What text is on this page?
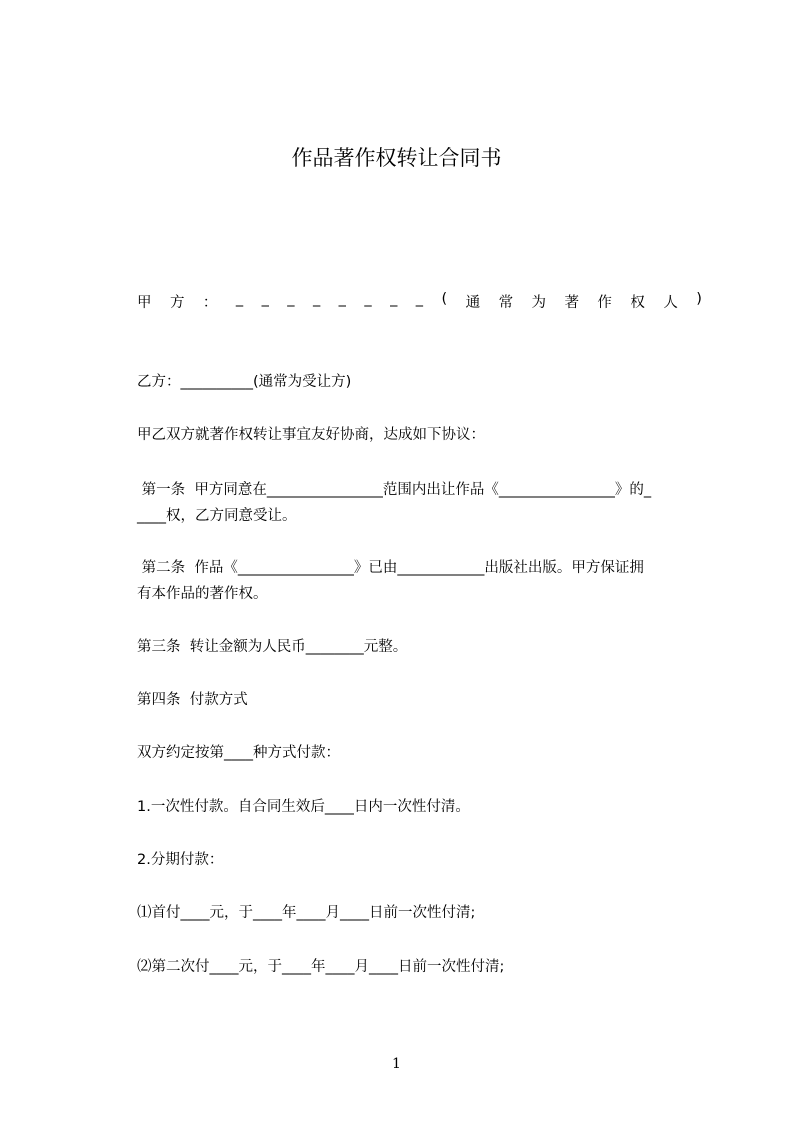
作品著作权转让合同书
甲 方 ： _ _ _ _ _ _ _ _ ( 通 常 为 著 作 权 人 )
乙方：__________(通常为受让方)
甲乙双方就著作权转让事宜友好协商，达成如下协议：
第一条  甲方同意在________________范围内出让作品《________________》的_
____权，乙方同意受让。
第二条  作品《________________》已由____________出版社出版。甲方保证拥
有本作品的著作权。
第三条  转让金额为人民币________元整。
第四条  付款方式
双方约定按第____种方式付款：
1.一次性付款。自合同生效后____日内一次性付清。
2.分期付款：
⑴首付____元，于____年____月____日前一次性付清;
⑵第二次付____元，于____年____月____日前一次性付清;
1
